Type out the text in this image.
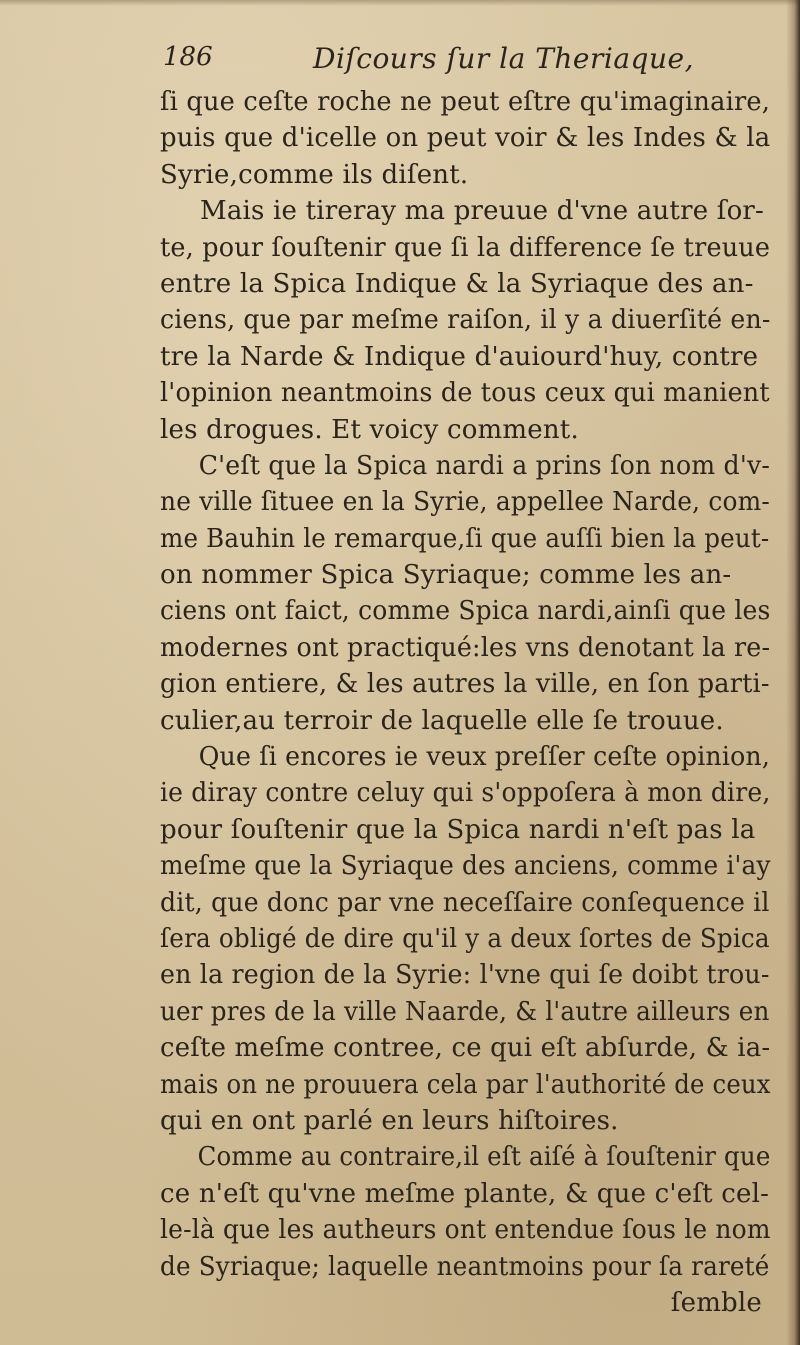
186	Diſcours ſur la Theriaque,
ſi que ceſte roche ne peut eſtre qu'imaginaire,
puis que d'icelle on peut voir & les Indes & la
Syrie,comme ils diſent.
Mais ie tireray ma preuue d'vne autre ſor-
te, pour ſouſtenir que ſi la difference ſe treuue
entre la Spica Indique & la Syriaque des an-
ciens, que par meſme raiſon, il y a diuerſité en-
tre la Narde & Indique d'auiourd'huy, contre
l'opinion neantmoins de tous ceux qui manient
les drogues. Et voicy comment.
C'eſt que la Spica nardi a prins ſon nom d'v-
ne ville ſituee en la Syrie, appellee Narde, com-
me Bauhin le remarque,ſi que auſſi bien la peut-
on nommer Spica Syriaque; comme les an-
ciens ont faict, comme Spica nardi,ainſi que les
modernes ont practiqué:les vns denotant la re-
gion entiere, & les autres la ville, en ſon parti-
culier,au terroir de laquelle elle ſe trouue.
Que ſi encores ie veux preſſer ceſte opinion,
ie diray contre celuy qui s'oppoſera à mon dire,
pour ſouſtenir que la Spica nardi n'eſt pas la
meſme que la Syriaque des anciens, comme i'ay
dit, que donc par vne neceſſaire conſequence il
ſera obligé de dire qu'il y a deux ſortes de Spica
en la region de la Syrie: l'vne qui ſe doibt trou-
uer pres de la ville Naarde, & l'autre ailleurs en
ceſte meſme contree, ce qui eſt abſurde, & ia-
mais on ne prouuera cela par l'authorité de ceux
qui en ont parlé en leurs hiſtoires.
Comme au contraire,il eſt aiſé à ſouſtenir que
ce n'eſt qu'vne meſme plante, & que c'eſt cel-
le-là que les autheurs ont entendue ſous le nom
de Syriaque; laquelle neantmoins pour ſa rareté
ſemble
